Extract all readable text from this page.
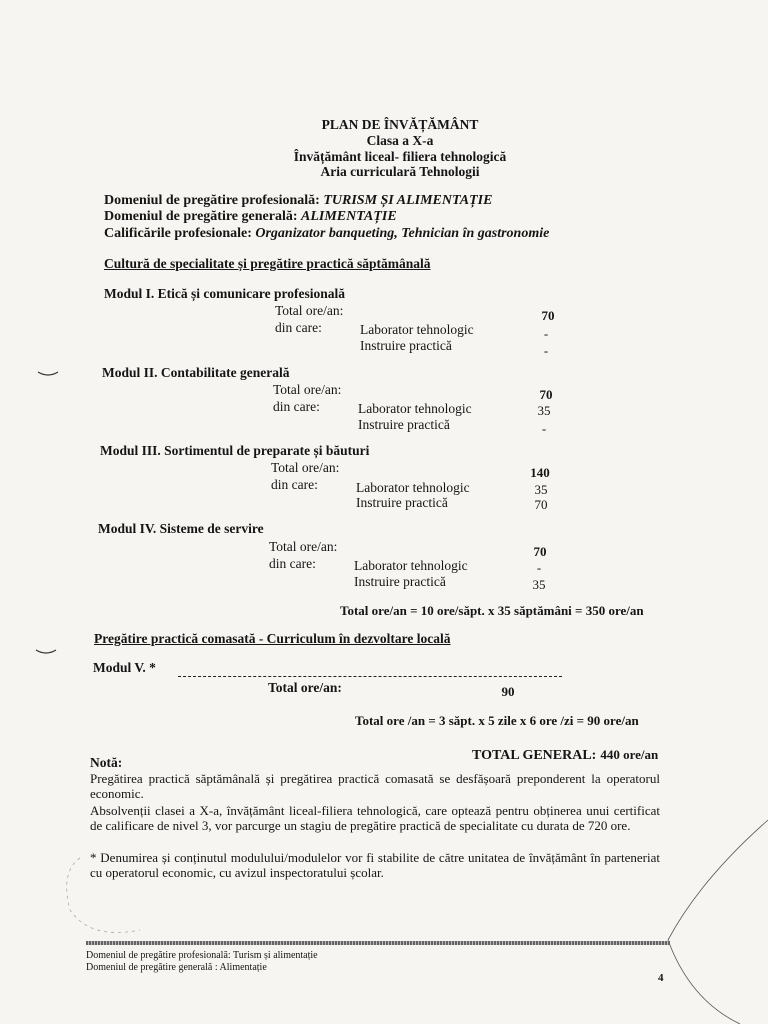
PLAN DE ÎNVĂȚĂMÂNT
Clasa a X-a
Învățământ liceal- filiera tehnologică
Aria curriculară Tehnologii
Domeniul de pregătire profesională: TURISM ȘI ALIMENTAȚIE
Domeniul de pregătire generală: ALIMENTAȚIE
Calificările profesionale: Organizator banqueting, Tehnician în gastronomie
Cultură de specialitate și pregătire practică săptămânală
Modul I. Etică și comunicare profesională
Total ore/an:	70
din care:	Laborator tehnologic	-
Instruire practică	-
Modul II. Contabilitate generală
Total ore/an:	70
din care:	Laborator tehnologic	35
Instruire practică	-
Modul III. Sortimentul de preparate și băuturi
Total ore/an:	140
din care:	Laborator tehnologic	35
Instruire practică	70
Modul IV. Sisteme de servire
Total ore/an:	70
din care:	Laborator tehnologic	-
Instruire practică	35
Total ore/an = 10 ore/săpt. x 35 săptămâni = 350 ore/an
Pregătire practică comasată - Curriculum în dezvoltare locală
Modul V. *
Total ore/an:	90
Total ore /an = 3 săpt. x 5 zile x 6 ore /zi = 90 ore/an
TOTAL GENERAL: 440 ore/an
Notă:
Pregătirea practică săptămânală și pregătirea practică comasată se desfășoară preponderent la operatorul economic.
Absolvenții clasei a X-a, învățământ liceal-filiera tehnologică, care optează pentru obținerea unui certificat de calificare de nivel 3, vor parcurge un stagiu de pregătire practică de specialitate cu durata de 720 ore.
* Denumirea și conținutul modulului/modulelor vor fi stabilite de către unitatea de învățământ în parteneriat cu operatorul economic, cu avizul inspectoratului școlar.
Domeniul de pregătire profesională: Turism și alimentație
Domeniul de pregătire generală : Alimentație
4
